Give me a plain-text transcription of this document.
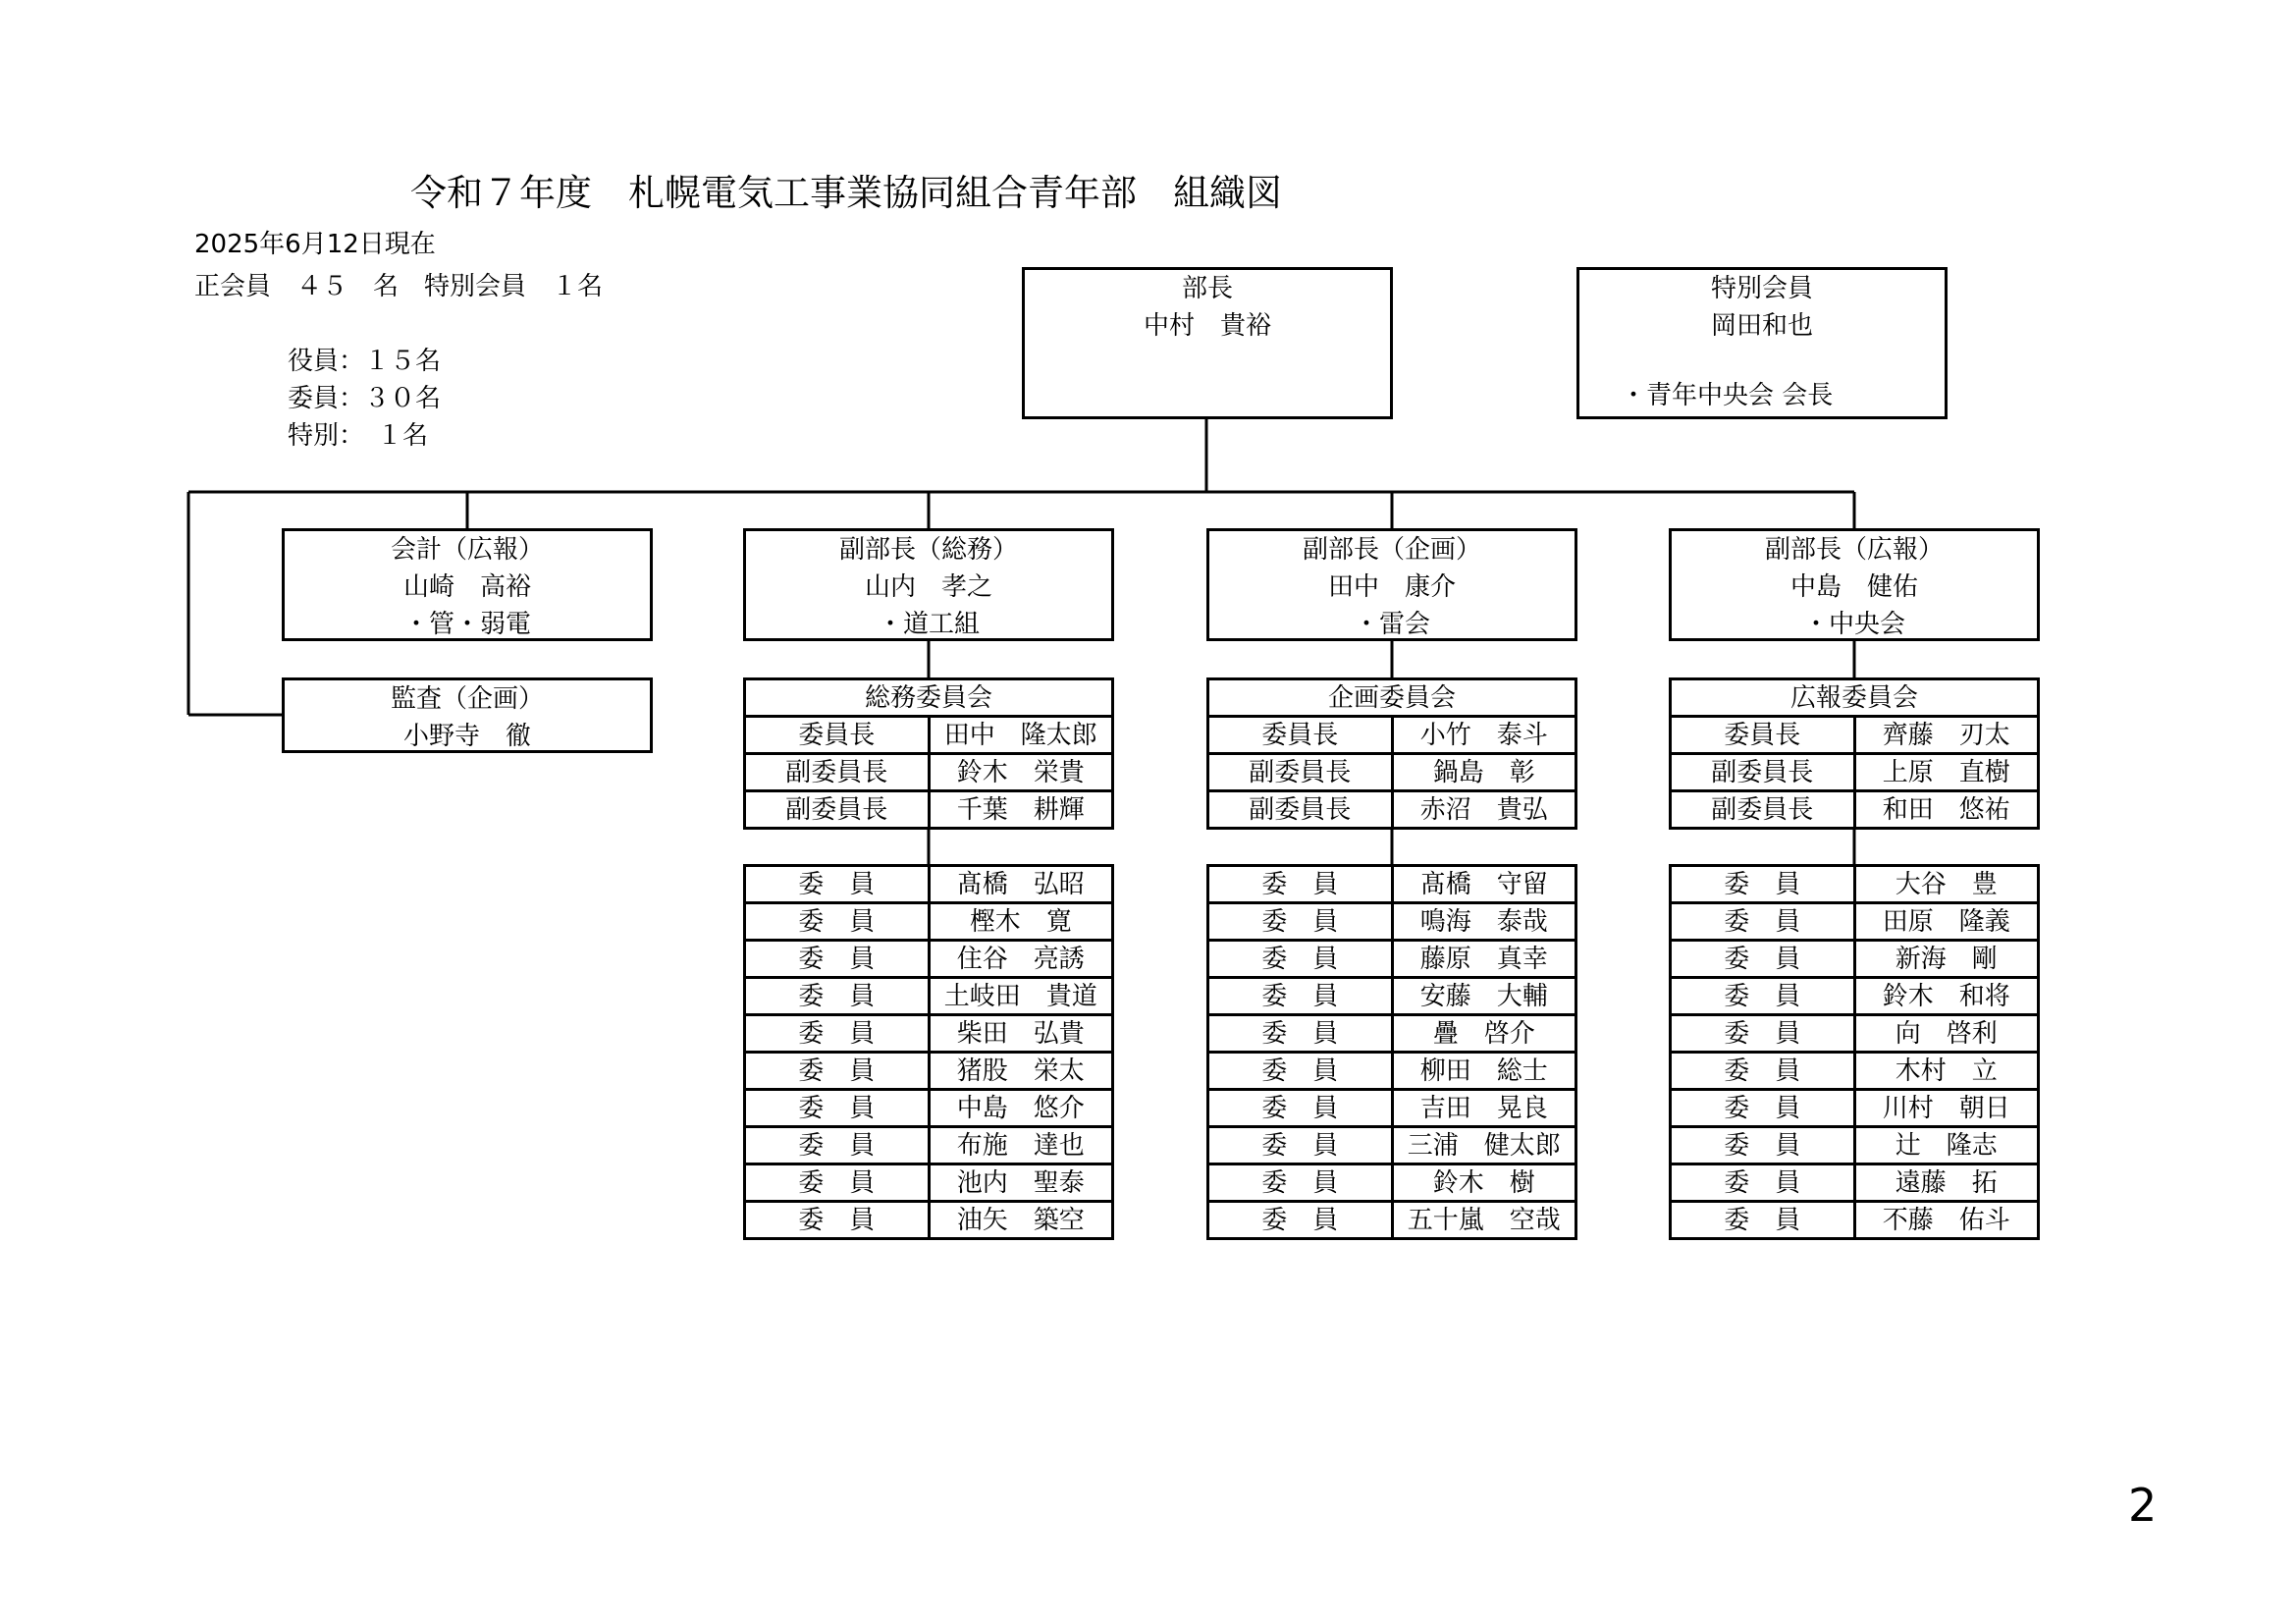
令和７年度　札幌電気工事業協同組合青年部　組織図
2025年6月12日現在
正会員　４５　名　特別会員　１名
役員：１５名
委員：３０名
特別：　１名
部長
中村　貴裕
特別会員
岡田和也
・青年中央会 会長
会計（広報）
山崎　高裕
・管・弱電
監査（企画）
小野寺　徹
副部長（総務）
山内　孝之
・道工組
副部長（企画）
田中　康介
・雷会
副部長（広報）
中島　健佑
・中央会
総務委員会	
委員長	田中　隆太郎
副委員長	鈴木　栄貴
副委員長	千葉　耕輝
委　員	髙橋　弘昭
委　員	樫木　寛
委　員	住谷　亮誘
委　員	土岐田　貴道
委　員	柴田　弘貴
委　員	猪股　栄太
委　員	中島　悠介
委　員	布施　達也
委　員	池内　聖泰
委　員	油矢　築空
企画委員会	
委員長	小竹　泰斗
副委員長	鍋島　彰
副委員長	赤沼　貴弘
委　員	髙橋　守留
委　員	鳴海　泰哉
委　員	藤原　真幸
委　員	安藤　大輔
委　員	疊　啓介
委　員	柳田　総士
委　員	吉田　晃良
委　員	三浦　健太郎
委　員	鈴木　樹
委　員	五十嵐　空哉
広報委員会	
委員長	齊藤　刃太
副委員長	上原　直樹
副委員長	和田　悠祐
委　員	大谷　豊
委　員	田原　隆義
委　員	新海　剛
委　員	鈴木　和将
委　員	向　啓利
委　員	木村　立
委　員	川村　朝日
委　員	辻　隆志
委　員	遠藤　拓
委　員	不藤　佑斗
2
